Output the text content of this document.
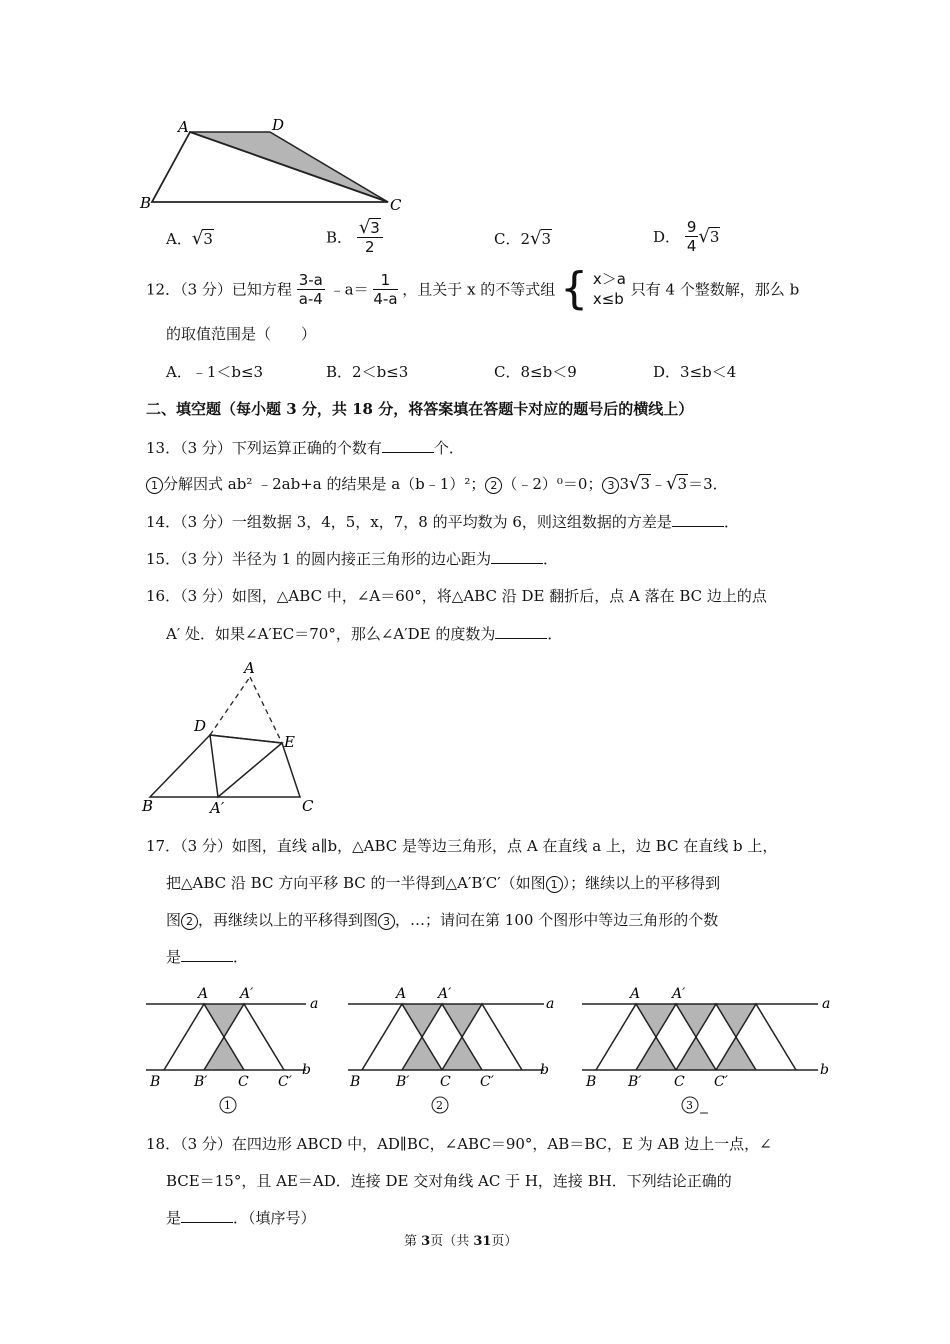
A	D
B	C
A．√3	B． $\frac{√3}{2}$	C．2√3	D． $\frac{9}{4} √3$
12．（3 分）已知方程 $\frac{3-a}{a-4}$ ﹣a＝ $\frac{1}{4-a}$ ，且关于 x 的不等式组 { x＞a
x≤b
只有 4 个整数解，那么 b
的取值范围是（　　）
A．﹣1＜b≤3	B．2＜b≤3	C．8≤b＜9	D．3≤b＜4
二、填空题（每小题 3 分，共 18 分，将答案填在答题卡对应的题号后的横线上）
13．（3 分）下列运算正确的个数有	个．
1 分解因式 ab² ﹣2ab+a 的结果是 a（b﹣1）²； 2 （﹣2）⁰＝0； 3 3√3﹣√3＝3．
14．（3 分）一组数据 3，4，5，x，7，8 的平均数为 6，则这组数据的方差是	．
15．（3 分）半径为 1 的圆内接正三角形的边心距为	．
16．（3 分）如图，△ABC 中，∠A＝60°，将△ABC 沿 DE 翻折后，点 A 落在 BC 边上的点
A′ 处．如果∠A′EC＝70°，那么∠A′DE 的度数为	．
A
D
E
B	A′	C
17．（3 分）如图，直线 a∥b，△ABC 是等边三角形，点 A 在直线 a 上，边 BC 在直线 b 上，
把△ABC 沿 BC 方向平移 BC 的一半得到△A′B′C′（如图 1 ）；继续以上的平移得到
图 2 ，再继续以上的平移得到图 3 ，…；请问在第 100 个图形中等边三角形的个数
是	．
A A′
a
B B′ C C′
b
1
A A′
a
B	B′ C C′
b
2
A A′
a
B B′ C C′
b
3
18．（3 分）在四边形 ABCD 中，AD∥BC，∠ABC＝90°，AB＝BC，E 为 AB 边上一点，∠
BCE＝15°，且 AE＝AD．连接 DE 交对角线 AC 于 H，连接 BH．下列结论正确的
是	．（填序号）
第 3页（共 31页）
